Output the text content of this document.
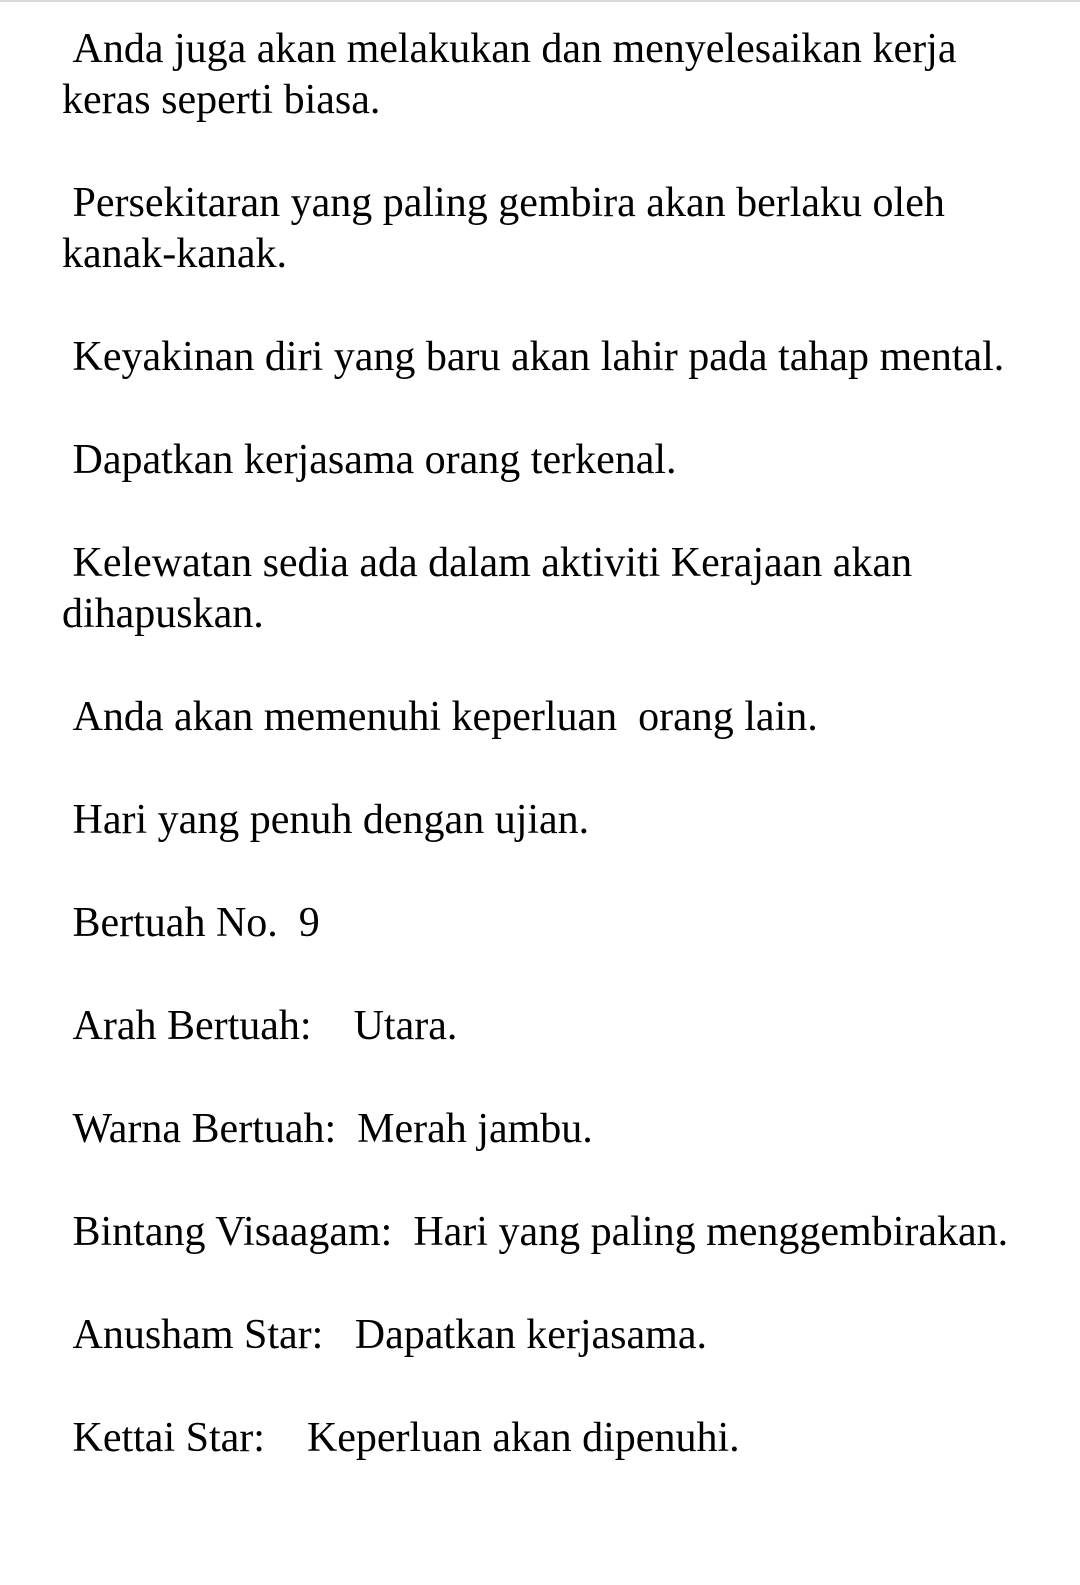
Anda juga akan melakukan dan menyelesaikan kerja keras seperti biasa.

Persekitaran yang paling gembira akan berlaku oleh kanak-kanak.

Keyakinan diri yang baru akan lahir pada tahap mental.

Dapatkan kerjasama orang terkenal.

Kelewatan sedia ada dalam aktiviti Kerajaan akan dihapuskan.

Anda akan memenuhi keperluan  orang lain.

Hari yang penuh dengan ujian.

Bertuah No.  9

Arah Bertuah:    Utara.

Warna Bertuah:  Merah jambu.

Bintang Visaagam:  Hari yang paling menggembirakan.

Anusham Star:   Dapatkan kerjasama.

Kettai Star:    Keperluan akan dipenuhi.
